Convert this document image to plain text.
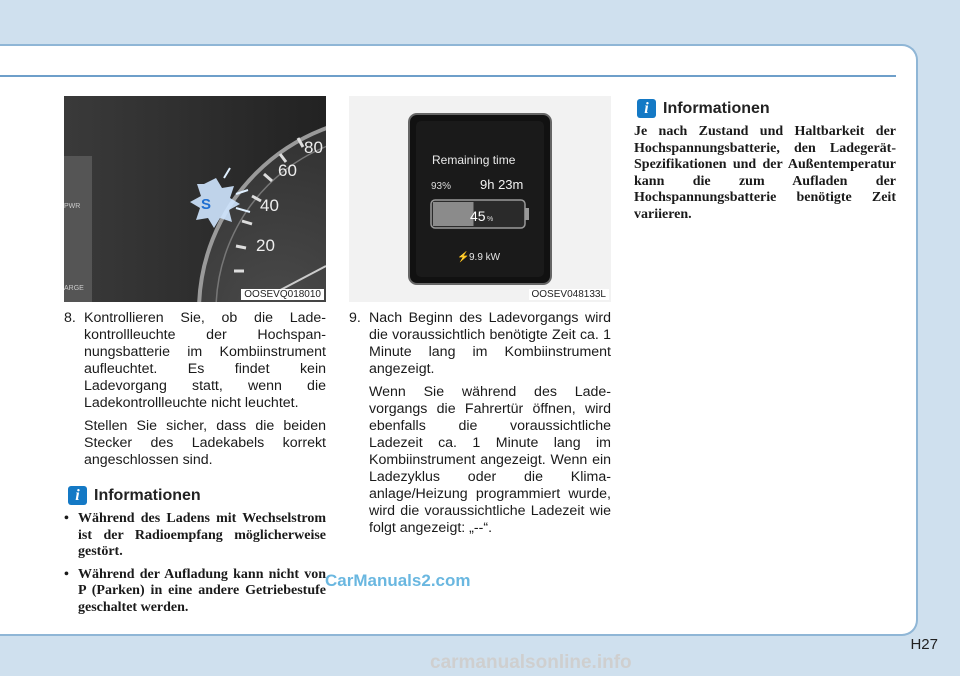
20
40
60
80
PWR
ARGE
S
OOSEVQ018010
Remaining time
93% 9h 23m
45 %
⚡ 9.9 kW
OOSEV048133L
8. Kontrollieren Sie, ob die Lade-kontrollleuchte der Hochspan-nungsbatterie im Kombiinstrument aufleuchtet. Es findet kein Ladevorgang statt, wenn die Ladekontrollleuchte nicht leuchtet.
Stellen Sie sicher, dass die beiden Stecker des Ladekabels korrekt angeschlossen sind.
i Informationen
• Während des Ladens mit Wechselstrom ist der Radioempfang möglicherweise gestört.
• Während der Aufladung kann nicht von P (Parken) in eine andere Getriebestufe geschaltet werden.
9. Nach Beginn des Ladevorgangs wird die voraussichtlich benötigte Zeit ca. 1 Minute lang im Kombiinstrument angezeigt.
Wenn Sie während des Lade-vorgangs die Fahrertür öffnen, wird ebenfalls die voraussichtliche Ladezeit ca. 1 Minute lang im Kombiinstrument angezeigt. Wenn ein Ladezyklus oder die Klima-anlage/Heizung programmiert wurde, wird die voraussichtliche Ladezeit wie folgt angezeigt: „--“.
i Informationen
Je nach Zustand und Haltbarkeit der Hochspannungsbatterie, den Ladegerät-Spezifikationen und der Außentemperatur kann die zum Aufladen der Hochspannungsbatterie benötigte Zeit variieren.
CarManuals2.com
H27
carmanualsonline.info
